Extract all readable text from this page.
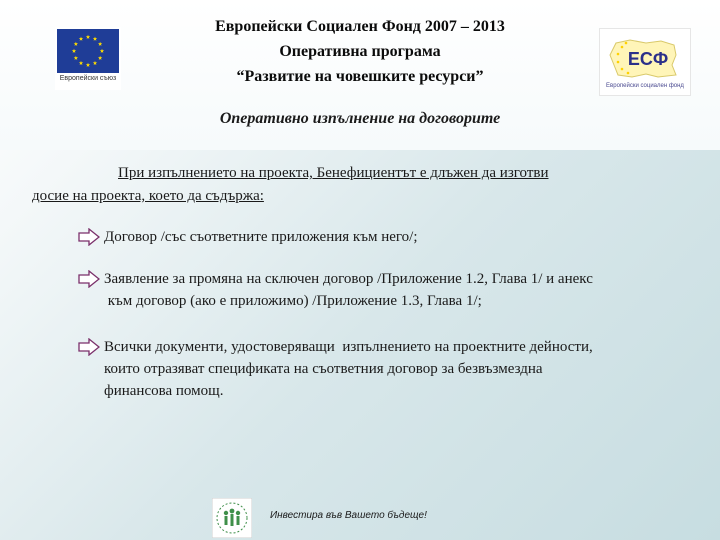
Европейски съюз
Европейски Социален Фонд 2007 – 2013
Оперативна програма
“Развитие на човешките ресурси”
ЕСФ
Европейски социален фонд
Оперативно изпълнение на договорите
При изпълнението на проекта, Бенефициентът е длъжен да изготви
досие на проекта, което да съдържа:
Договор /със съответните приложения към него/;
Заявление за промяна на сключен договор /Приложение 1.2, Глава 1/ и анекс
към договор (ако е приложимо) /Приложение 1.3, Глава 1/;
Всички документи, удостоверяващи  изпълнението на проектните дейности,
които отразяват спецификата на съответния договор за безвъзмездна
финансова помощ.
Инвестира във Вашето бъдеще!
